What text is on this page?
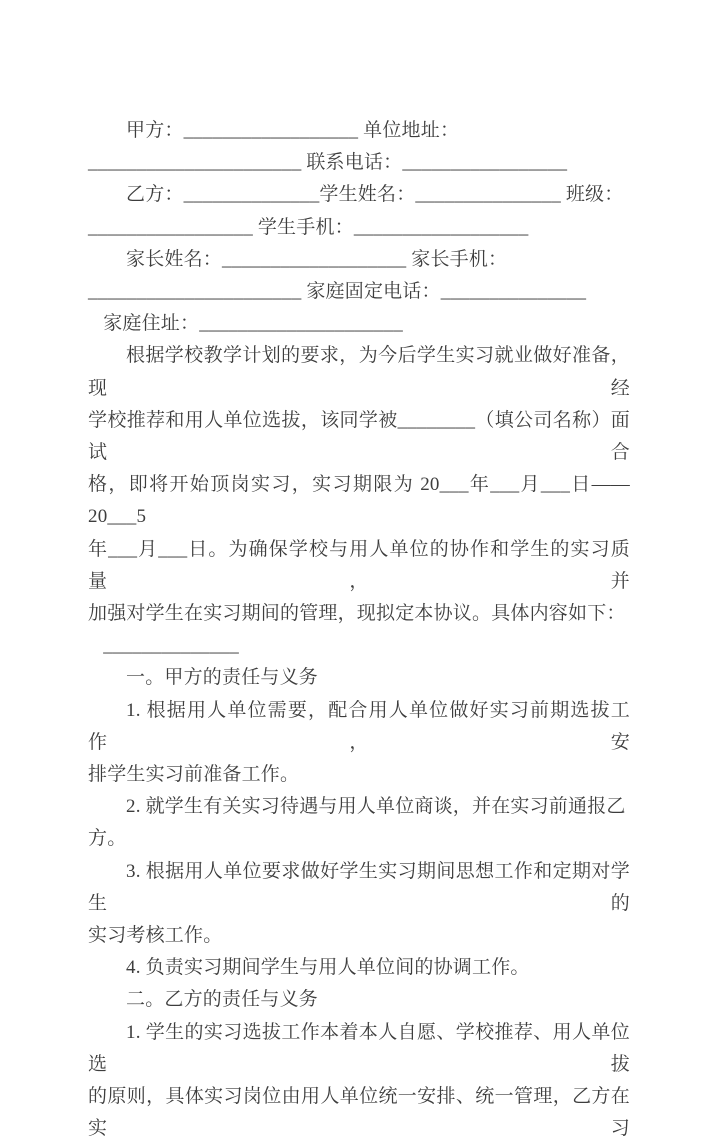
甲方：__________________ 单位地址：
______________________ 联系电话：_________________
乙方：______________学生姓名：_______________ 班级：
_________________ 学生手机：__________________
家长姓名：___________________ 家长手机：
______________________ 家庭固定电话：_______________
家庭住址：_____________________
根据学校教学计划的要求，为今后学生实习就业做好准备，现经
学校推荐和用人单位选拔，该同学被________（填公司名称）面试合
格，即将开始顶岗实习，实习期限为 20___年___月___日——20___5
年___月___日。为确保学校与用人单位的协作和学生的实习质量，并
加强对学生在实习期间的管理，现拟定本协议。具体内容如下：
______________
一。甲方的责任与义务
1. 根据用人单位需要，配合用人单位做好实习前期选拔工作，安
排学生实习前准备工作。
2. 就学生有关实习待遇与用人单位商谈，并在实习前通报乙方。
3. 根据用人单位要求做好学生实习期间思想工作和定期对学生的
实习考核工作。
4. 负责实习期间学生与用人单位间的协调工作。
二。乙方的责任与义务
1. 学生的实习选拔工作本着本人自愿、学校推荐、用人单位选拔
的原则，具体实习岗位由用人单位统一安排、统一管理，乙方在实习
